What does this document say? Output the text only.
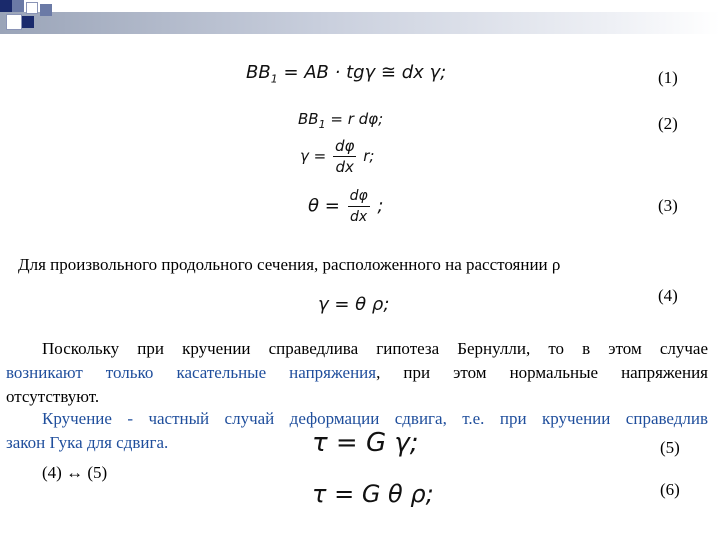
$BB_1$ = AB · tgγ ≅ dx γ;	(1)
$BB_1 = r$ dφ;	(2)
$\gamma = \frac{d\varphi}{dx} r$;
$\theta = \frac{d\varphi}{dx}$ ;	(3)
Для произвольного продольного сечения, расположенного на расстоянии ρ
γ = θ ρ;	(4)
Поскольку при кручении справедлива гипотеза Бернулли, то в этом случае
возникают только касательные напряжения, при этом нормальные напряжения
отсутствуют.
Кручение - частный случай деформации сдвига, т.е. при кручении справедлив
закон Гука для сдвига.	τ = G γ;	(5)
(4) ↔ (5)
τ = G θ ρ;	(6)
